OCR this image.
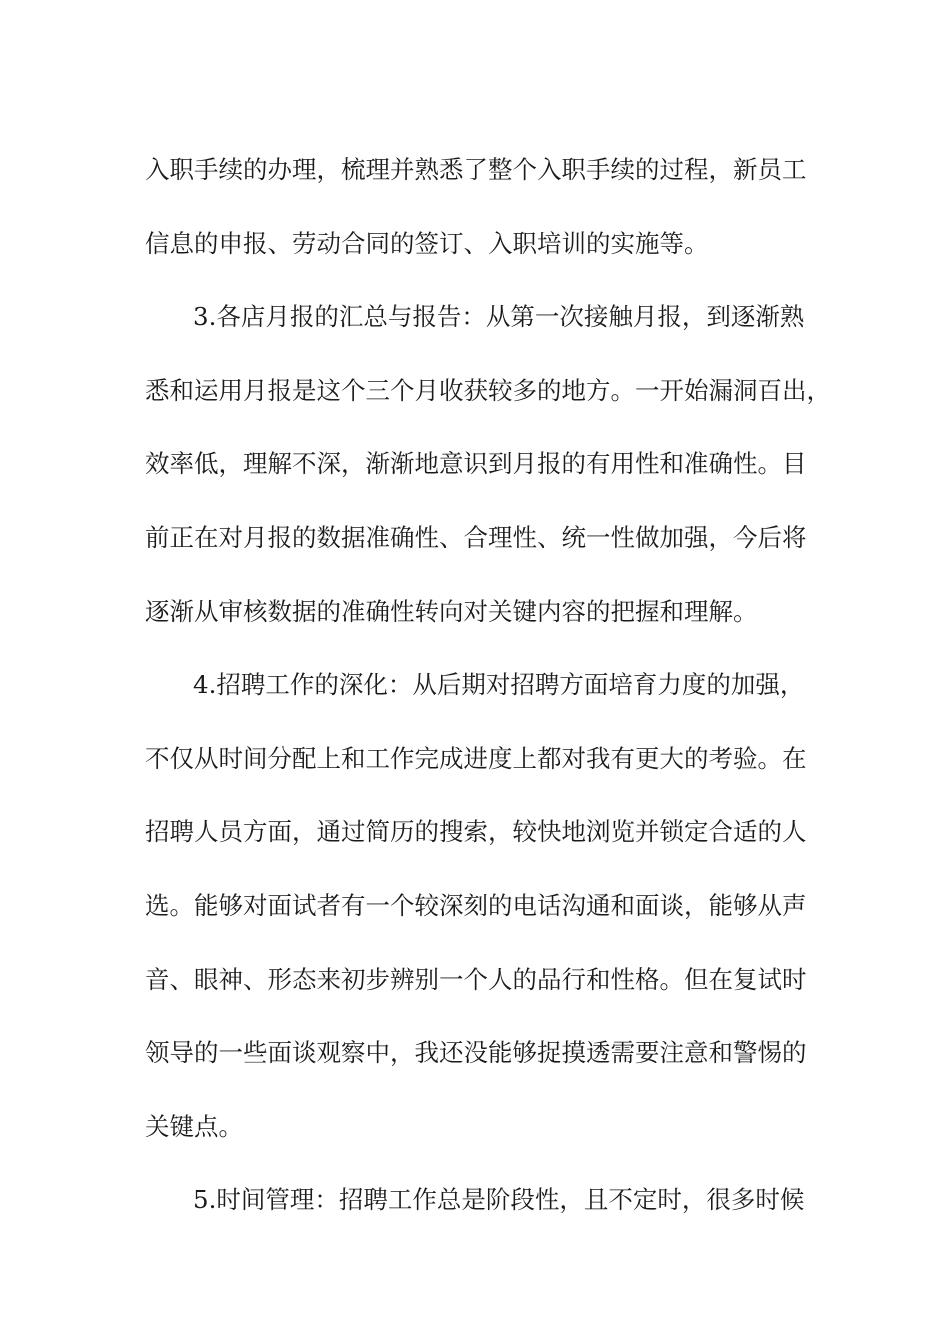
入职手续的办理，梳理并熟悉了整个入职手续的过程，新员工
信息的申报、劳动合同的签订、入职培训的实施等。
3.各店月报的汇总与报告：从第一次接触月报，到逐渐熟
悉和运用月报是这个三个月收获较多的地方。一开始漏洞百出，
效率低，理解不深，渐渐地意识到月报的有用性和准确性。目
前正在对月报的数据准确性、合理性、统一性做加强，今后将
逐渐从审核数据的准确性转向对关键内容的把握和理解。
4.招聘工作的深化：从后期对招聘方面培育力度的加强，
不仅从时间分配上和工作完成进度上都对我有更大的考验。在
招聘人员方面，通过简历的搜索，较快地浏览并锁定合适的人
选。能够对面试者有一个较深刻的电话沟通和面谈，能够从声
音、眼神、形态来初步辨别一个人的品行和性格。但在复试时
领导的一些面谈观察中，我还没能够捉摸透需要注意和警惕的
关键点。
5.时间管理：招聘工作总是阶段性，且不定时，很多时候
